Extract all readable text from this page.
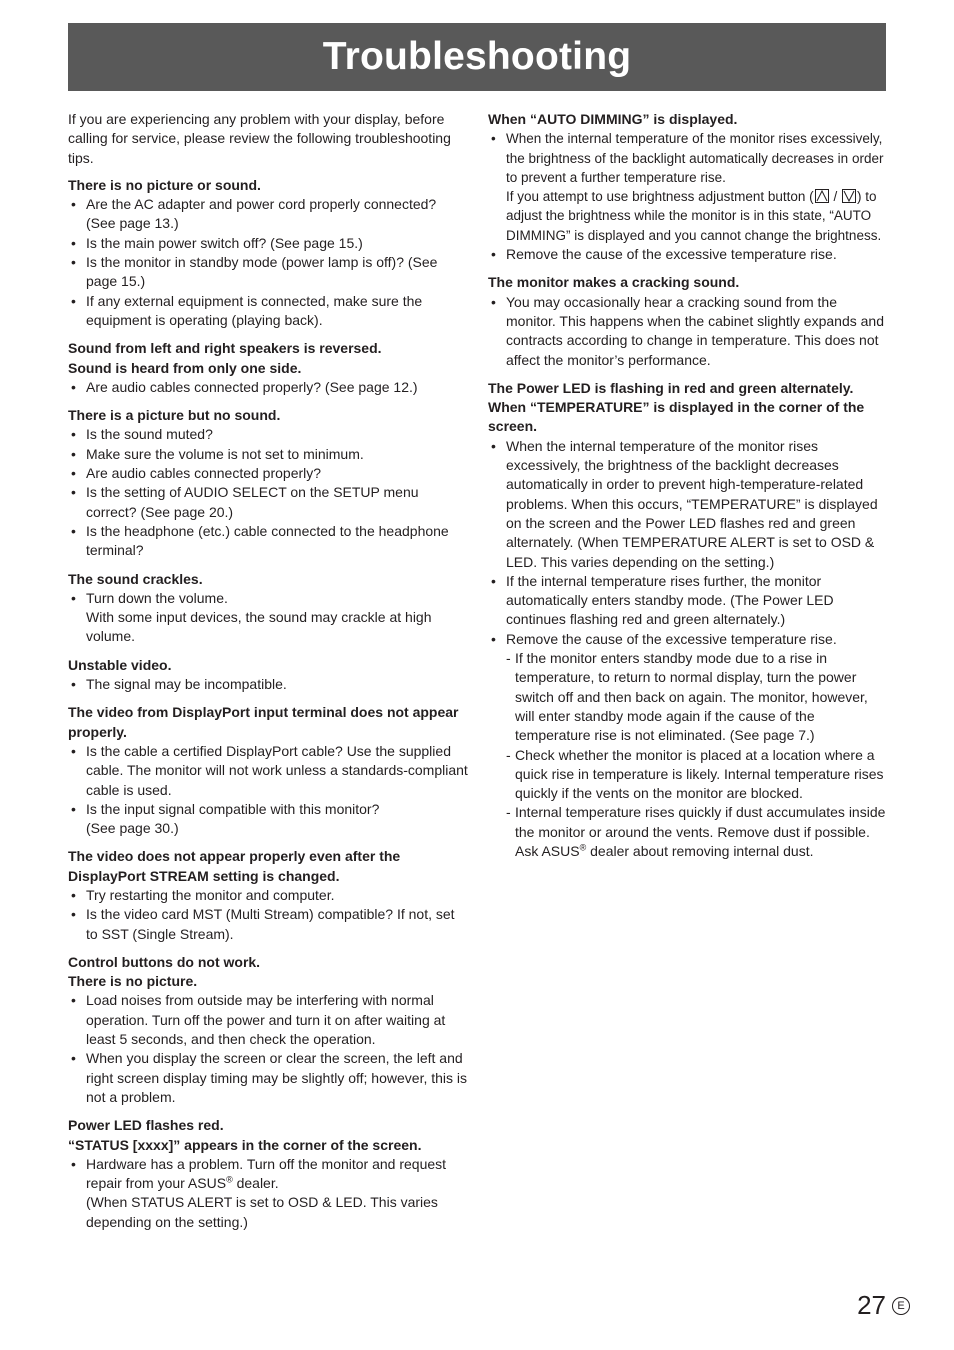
Troubleshooting

If you are experiencing any problem with your display, before calling for service, please review the following troubleshooting tips.

There is no picture or sound.

• Are the AC adapter and power cord properly connected? (See page 13.)
• Is the main power switch off? (See page 15.)
• Is the monitor in standby mode (power lamp is off)? (See page 15.)
• If any external equipment is connected, make sure the equipment is operating (playing back).

Sound from left and right speakers is reversed.

Sound is heard from only one side.

• Are audio cables connected properly? (See page 12.)

There is a picture but no sound.

• Is the sound muted?
• Make sure the volume is not set to minimum.
• Are audio cables connected properly?
• Is the setting of AUDIO SELECT on the SETUP menu correct? (See page 20.)
• Is the headphone (etc.) cable connected to the headphone terminal?

The sound crackles.

• Turn down the volume.
With some input devices, the sound may crackle at high volume.

Unstable video.

• The signal may be incompatible.

The video from DisplayPort input terminal does not appear properly.

• Is the cable a certified DisplayPort cable? Use the supplied cable. The monitor will not work unless a standards-compliant cable is used.
• Is the input signal compatible with this monitor?
(See page 30.)

The video does not appear properly even after the DisplayPort STREAM setting is changed.

• Try restarting the monitor and computer.
• Is the video card MST (Multi Stream) compatible? If not, set to SST (Single Stream).

Control buttons do not work.

There is no picture.

• Load noises from outside may be interfering with normal operation. Turn off the power and turn it on after waiting at least 5 seconds, and then check the operation.
• When you display the screen or clear the screen, the left and right screen display timing may be slightly off; however, this is not a problem.

Power LED flashes red.

“STATUS [xxxx]” appears in the corner of the screen.

• Hardware has a problem. Turn off the monitor and request repair from your ASUS® dealer.
(When STATUS ALERT is set to OSD & LED. This varies depending on the setting.)

When “AUTO DIMMING” is displayed.

• When the internal temperature of the monitor rises excessively, the brightness of the backlight automatically decreases in order to prevent a further temperature rise.
If you attempt to use brightness adjustment button (
/
) to adjust the brightness while the monitor is in this state, “AUTO DIMMING” is displayed and you cannot change the brightness.
• Remove the cause of the excessive temperature rise.

The monitor makes a cracking sound.

• You may occasionally hear a cracking sound from the monitor. This happens when the cabinet slightly expands and contracts according to change in temperature. This does not affect the monitor’s performance.

The Power LED is flashing in red and green alternately.

When “TEMPERATURE” is displayed in the corner of the screen.

• When the internal temperature of the monitor rises excessively, the brightness of the backlight decreases automatically in order to prevent high-temperature-related problems. When this occurs, “TEMPERATURE” is displayed on the screen and the Power LED flashes red and green alternately. (When TEMPERATURE ALERT is set to OSD & LED. This varies depending on the setting.)
• If the internal temperature rises further, the monitor automatically enters standby mode. (The Power LED continues flashing red and green alternately.)
• Remove the cause of the excessive temperature rise.
- If the monitor enters standby mode due to a rise in temperature, to return to normal display, turn the power switch off and then back on again. The monitor, however, will enter standby mode again if the cause of the temperature rise is not eliminated. (See page 7.)
- Check whether the monitor is placed at a location where a quick rise in temperature is likely. Internal temperature rises quickly if the vents on the monitor are blocked.
- Internal temperature rises quickly if dust accumulates inside the monitor or around the vents. Remove dust if possible. Ask ASUS® dealer about removing internal dust.
27	E
